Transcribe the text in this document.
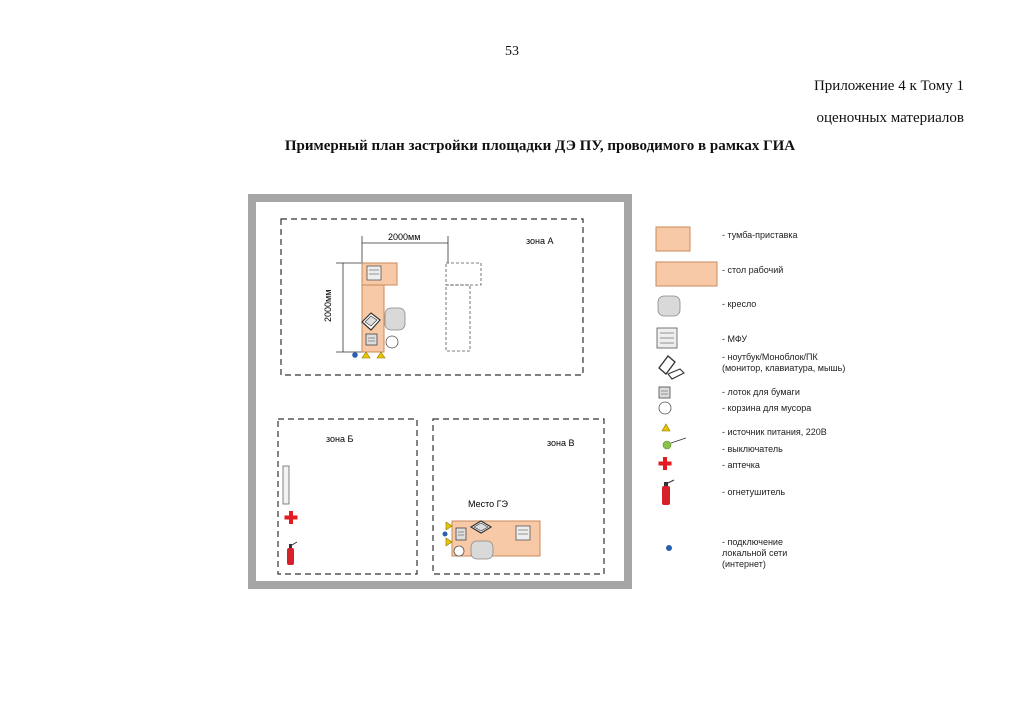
53
Приложение 4 к Тому 1
оценочных материалов
Примерный план застройки площадки ДЭ ПУ, проводимого в рамках ГИА
зона А
2000мм
2000мм
зона Б	зона В
Место ГЭ
- тумба-приставка
- стол рабочий
- кресло
- МФУ
- ноутбук/Моноблок/ПК (монитор, клавиатура, мышь)
- лоток для бумаги
- корзина для мусора
- источник питания, 220В
- выключатель
- аптечка
- огнетушитель
- подключение локальной сети (интернет)
